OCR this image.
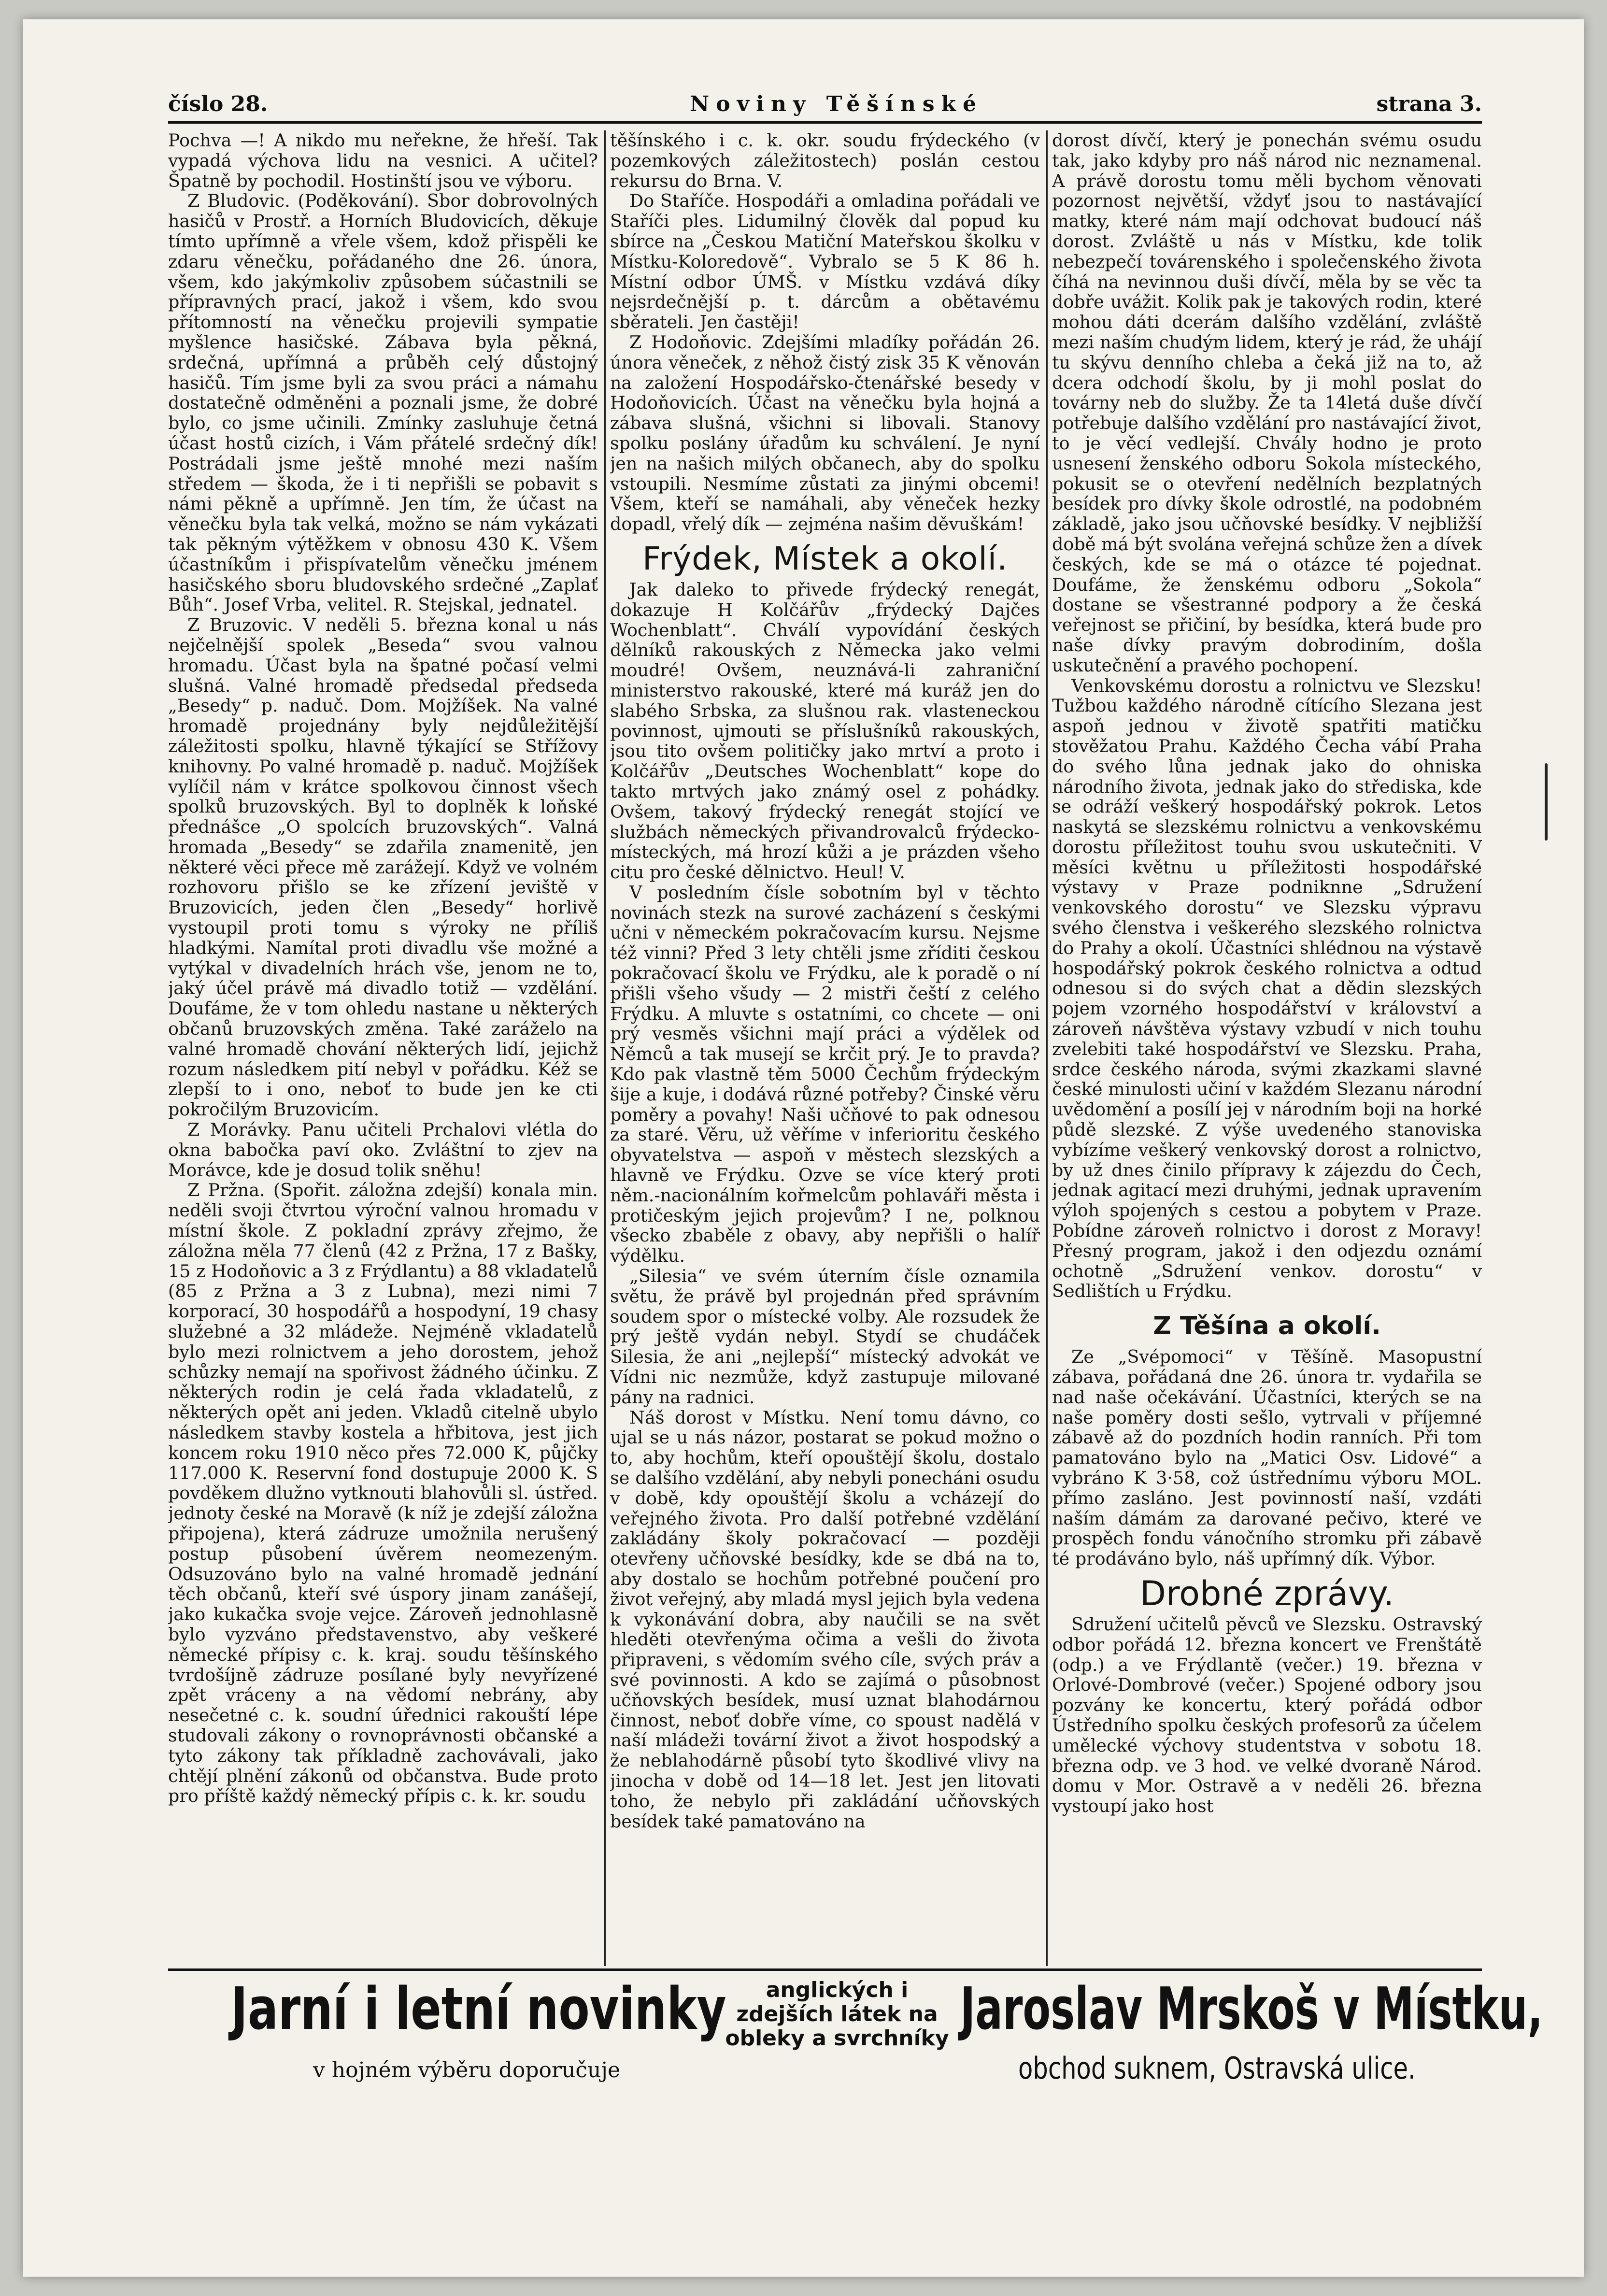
číslo 28.	Noviny Těšínské	strana 3.

Pochva —! A nikdo mu neřekne, že hřeší. Tak vypadá výchova lidu na vesnici. A učitel? Špatně by pochodil. Hostinští jsou ve výboru.

Z Bludovic. (Poděkování). Sbor dobrovolných hasičů v Prostř. a Horních Bludovicích, děkuje tímto upřímně a vřele všem, kdož přispěli ke zdaru věnečku, pořádaného dne 26. února, všem, kdo jakýmkoliv způsobem súčastnili se přípravných prací, jakož i všem, kdo svou přítomností na věnečku projevili sympatie myšlence hasičské. Zábava byla pěkná, srdečná, upřímná a průběh celý důstojný hasičů. Tím jsme byli za svou práci a námahu dostatečně odměněni a poznali jsme, že dobré bylo, co jsme učinili. Zmínky zasluhuje četná účast hostů cizích, i Vám přátelé srdečný dík! Postrádali jsme ještě mnohé mezi naším středem — škoda, že i ti nepřišli se pobavit s námi pěkně a upřímně. Jen tím, že účast na věnečku byla tak velká, možno se nám vykázati tak pěkným výtěžkem v obnosu 430 K. Všem účastníkům i přispívatelům věnečku jménem hasičského sboru bludovského srdečné „Zaplať Bůh“. Josef Vrba, velitel. R. Stejskal, jednatel.

Z Bruzovic. V neděli 5. března konal u nás nejčelnější spolek „Beseda“ svou valnou hromadu. Účast byla na špatné počasí velmi slušná. Valné hromadě předsedal předseda „Besedy“ p. naduč. Dom. Mojžíšek. Na valné hromadě projednány byly nejdůležitější záležitosti spolku, hlavně týkající se Střížovy knihovny. Po valné hromadě p. naduč. Mojžíšek vylíčil nám v krátce spolkovou činnost všech spolků bruzovských. Byl to doplněk k loňské přednášce „O spolcích bruzovských“. Valná hromada „Besedy“ se zdařila znamenitě, jen některé věci přece mě zarážejí. Když ve volném rozhovoru přišlo se ke zřízení jeviště v Bruzovicích, jeden člen „Besedy“ horlivě vystoupil proti tomu s výroky ne příliš hladkými. Namítal proti divadlu vše možné a vytýkal v divadelních hrách vše, jenom ne to, jaký účel právě má divadlo totiž — vzdělání. Doufáme, že v tom ohledu nastane u některých občanů bruzovských změna. Také zaráželo na valné hromadě chování některých lidí, jejichž rozum následkem pití nebyl v pořádku. Kéž se zlepší to i ono, neboť to bude jen ke cti pokročilým Bruzovicím.

Z Morávky. Panu učiteli Prchalovi vlétla do okna babočka paví oko. Zvláštní to zjev na Morávce, kde je dosud tolik sněhu!

Z Pržna. (Spořit. záložna zdejší) konala min. neděli svoji čtvrtou výroční valnou hromadu v místní škole. Z pokladní zprávy zřejmo, že záložna měla 77 členů (42 z Pržna, 17 z Bašky, 15 z Hodoňovic a 3 z Frýdlantu) a 88 vkladatelů (85 z Pržna a 3 z Lubna), mezi nimi 7 korporací, 30 hospodářů a hospodyní, 19 chasy služebné a 32 mládeže. Nejméně vkladatelů bylo mezi rolnictvem a jeho dorostem, jehož schůzky nemají na spořivost žádného účinku. Z některých rodin je celá řada vkladatelů, z některých opět ani jeden. Vkladů citelně ubylo následkem stavby kostela a hřbitova, jest jich koncem roku 1910 něco přes 72.000 K, půjčky 117.000 K. Reservní fond dostupuje 2000 K. S povděkem dlužno vytknouti blahovůli sl. ústřed. jednoty české na Moravě (k níž je zdejší záložna připojena), která zádruze umožnila nerušený postup působení úvěrem neomezeným. Odsuzováno bylo na valné hromadě jednání těch občanů, kteří své úspory jinam zanášejí, jako kukačka svoje vejce. Zároveň jednohlasně bylo vyzváno představenstvo, aby veškeré německé přípisy c. k. kraj. soudu těšínského tvrdošíjně zádruze posílané byly nevyřízené zpět vráceny a na vědomí nebrány, aby nesečetné c. k. soudní úřednici rakouští lépe studovali zákony o rovnoprávnosti občanské a tyto zákony tak příkladně zachovávali, jako chtějí plnění zákonů od občanstva. Bude proto pro příště každý německý přípis c. k. kr. soudu

těšínského i c. k. okr. soudu frýdeckého (v pozemkových záležitostech) poslán cestou rekursu do Brna. V.

Do Staříče. Hospodáři a omladina pořádali ve Staříči ples. Lidumilný člověk dal popud ku sbírce na „Českou Matiční Mateřskou školku v Místku-Koloredově“. Vybralo se 5 K 86 h. Místní odbor ÚMŠ. v Místku vzdává díky nejsrdečnější p. t. dárcům a obětavému sběrateli. Jen častěji!

Z Hodoňovic. Zdejšími mladíky pořádán 26. února věneček, z něhož čistý zisk 35 K věnován na založení Hospodářsko-čtenářské besedy v Hodoňovicích. Účast na věnečku byla hojná a zábava slušná, všichni si libovali. Stanovy spolku poslány úřadům ku schválení. Je nyní jen na našich milých občanech, aby do spolku vstoupili. Nesmíme zůstati za jinými obcemi! Všem, kteří se namáhali, aby věneček hezky dopadl, vřelý dík — zejména našim děvuškám!

Frýdek, Místek a okolí.

Jak daleko to přivede frýdecký renegát, dokazuje H Kolčářův „frýdecký Dajčes Wochenblatt“. Chválí vypovídání českých dělníků rakouských z Německa jako velmi moudré! Ovšem, neuznává-li zahraniční ministerstvo rakouské, které má kuráž jen do slabého Srbska, za slušnou rak. vlasteneckou povinnost, ujmouti se příslušníků rakouských, jsou tito ovšem političky jako mrtví a proto i Kolčářův „Deutsches Wochenblatt“ kope do takto mrtvých jako známý osel z pohádky. Ovšem, takový frýdecký renegát stojící ve službách německých přivandrovalců frýdecko-místeckých, má hrozí kůži a je prázden všeho citu pro české dělnictvo. Heul! V.

V posledním čísle sobotním byl v těchto novinách stezk na surové zacházení s českými učni v německém pokračovacím kursu. Nejsme též vinni? Před 3 lety chtěli jsme zříditi českou pokračovací školu ve Frýdku, ale k poradě o ní přišli všeho všudy — 2 mistři čeští z celého Frýdku. A mluvte s ostatními, co chcete — oni prý vesměs všichni mají práci a výdělek od Němců a tak musejí se krčit prý. Je to pravda? Kdo pak vlastně těm 5000 Čechům frýdeckým šije a kuje, i dodává různé potřeby? Činské věru poměry a povahy! Naši učňové to pak odnesou za staré. Věru, už věříme v inferioritu českého obyvatelstva — aspoň v městech slezských a hlavně ve Frýdku. Ozve se více který proti něm.-nacionálním kořmelcům pohlaváři města i protičeským jejich projevům? I ne, polknou všecko zbaběle z obavy, aby nepřišli o halíř výdělku.

„Silesia“ ve svém úterním čísle oznamila světu, že právě byl projednán před správním soudem spor o místecké volby. Ale rozsudek že prý ještě vydán nebyl. Stydí se chudáček Silesia, že ani „nejlepší“ místecký advokát ve Vídni nic nezmůže, když zastupuje milované pány na radnici.

Náš dorost v Místku. Není tomu dávno, co ujal se u nás názor, postarat se pokud možno o to, aby hochům, kteří opouštějí školu, dostalo se dalšího vzdělání, aby nebyli ponecháni osudu v době, kdy opouštějí školu a vcházejí do veřejného života. Pro další potřebné vzdělání zakládány školy pokračovací — později otevřeny učňovské besídky, kde se dbá na to, aby dostalo se hochům potřebné poučení pro život veřejný, aby mladá mysl jejich byla vedena k vykonávání dobra, aby naučili se na svět hleděti otevřenýma očima a vešli do života připraveni, s vědomím svého cíle, svých práv a své povinnosti. A kdo se zajímá o působnost učňovských besídek, musí uznat blahodárnou činnost, neboť dobře víme, co spoust nadělá v naší mládeži tovární život a život hospodský a že neblahodárně působí tyto škodlivé vlivy na jinocha v době od 14—18 let. Jest jen litovati toho, že nebylo při zakládání učňovských besídek také pamatováno na

dorost dívčí, který je ponechán svému osudu tak, jako kdyby pro náš národ nic neznamenal. A právě dorostu tomu měli bychom věnovati pozornost největší, vždyť jsou to nastávající matky, které nám mají odchovat budoucí náš dorost. Zvláště u nás v Místku, kde tolik nebezpečí továrenského i společenského života číhá na nevinnou duši dívčí, měla by se věc ta dobře uvážit. Kolik pak je takových rodin, které mohou dáti dcerám dalšího vzdělání, zvláště mezi naším chudým lidem, který je rád, že uhájí tu skývu denního chleba a čeká již na to, až dcera odchodí školu, by ji mohl poslat do továrny neb do služby. Že ta 14letá duše dívčí potřebuje dalšího vzdělání pro nastávající život, to je věcí vedlejší. Chvály hodno je proto usnesení ženského odboru Sokola místeckého, pokusit se o otevření nedělních bezplatných besídek pro dívky škole odrostlé, na podobném základě, jako jsou učňovské besídky. V nejbližší době má být svolána veřejná schůze žen a dívek českých, kde se má o otázce té pojednat. Doufáme, že ženskému odboru „Sokola“ dostane se všestranné podpory a že česká veřejnost se přičiní, by besídka, která bude pro naše dívky pravým dobrodiním, došla uskutečnění a pravého pochopení.

Venkovskému dorostu a rolnictvu ve Slezsku! Tužbou každého národně cítícího Slezana jest aspoň jednou v životě spatřiti matičku stověžatou Prahu. Každého Čecha vábí Praha do svého lůna jednak jako do ohniska národního života, jednak jako do střediska, kde se odráží veškerý hospodářský pokrok. Letos naskytá se slezskému rolnictvu a venkovskému dorostu příležitost touhu svou uskutečniti. V měsíci květnu u příležitosti hospodářské výstavy v Praze podniknne „Sdružení venkovského dorostu“ ve Slezsku výpravu svého členstva i veškerého slezského rolnictva do Prahy a okolí. Účastníci shlédnou na výstavě hospodářský pokrok českého rolnictva a odtud odnesou si do svých chat a dědin slezských pojem vzorného hospodářství v království a zároveň návštěva výstavy vzbudí v nich touhu zvelebiti také hospodářství ve Slezsku. Praha, srdce českého národa, svými zkazkami slavné české minulosti učiní v každém Slezanu národní uvědomění a posílí jej v národním boji na horké půdě slezské. Z výše uvedeného stanoviska vybízíme veškerý venkovský dorost a rolnictvo, by už dnes činilo přípravy k zájezdu do Čech, jednak agitací mezi druhými, jednak upravením výloh spojených s cestou a pobytem v Praze. Pobídne zároveň rolnictvo i dorost z Moravy! Přesný program, jakož i den odjezdu oznámí ochotně „Sdružení venkov. dorostu“ v Sedlištích u Frýdku.

Z Těšína a okolí.

Ze „Svépomoci“ v Těšíně. Masopustní zábava, pořádaná dne 26. února tr. vydařila se nad naše očekávání. Účastníci, kterých se na naše poměry dosti sešlo, vytrvali v příjemné zábavě až do pozdních hodin ranních. Při tom pamatováno bylo na „Matici Osv. Lidové“ a vybráno K 3·58, což ústřednímu výboru MOL. přímo zasláno. Jest povinností naší, vzdáti naším dámám za darované pečivo, které ve prospěch fondu vánočního stromku při zábavě té prodáváno bylo, náš upřímný dík. Výbor.

Drobné zprávy.

Sdružení učitelů pěvců ve Slezsku. Ostravský odbor pořádá 12. března koncert ve Frenštátě (odp.) a ve Frýdlantě (večer.) 19. března v Orlové-Dombrové (večer.) Spojené odbory jsou pozvány ke koncertu, který pořádá odbor Ústředního spolku českých profesorů za účelem umělecké výchovy studentstva v sobotu 18. března odp. ve 3 hod. ve velké dvoraně Národ. domu v Mor. Ostravě a v neděli 26. března vystoupí jako host

Jarní i letní novinky	anglických i zdejších látek na obleky a svrchníky Jaroslav Mrskoš v Místku,
v hojném výběru doporučuje	obchod suknem, Ostravská ulice.
